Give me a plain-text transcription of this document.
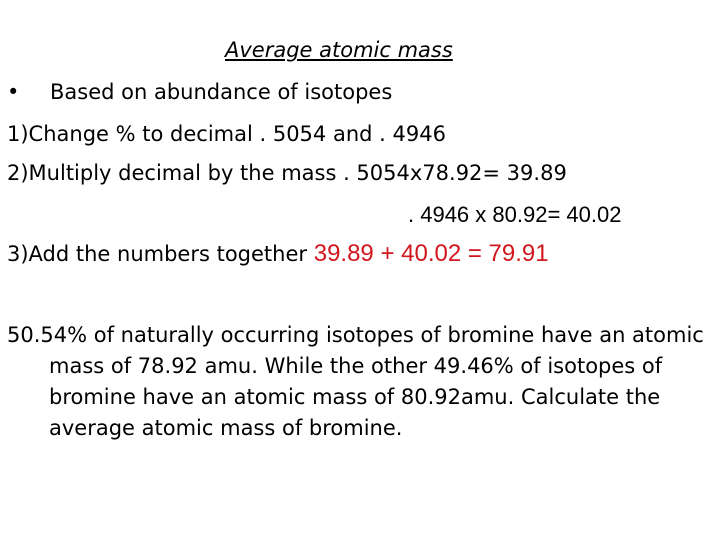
Average atomic mass
• Based on abundance of isotopes
1)Change % to decimal . 5054 and . 4946
2)Multiply decimal by the mass . 5054x78.92= 39.89
. 4946 x 80.92= 40.02
3)Add the numbers together 39.89 + 40.02 = 79.91
50.54% of naturally occurring isotopes of bromine have an atomic mass of 78.92 amu. While the other 49.46% of isotopes of bromine have an atomic mass of 80.92amu. Calculate the average atomic mass of bromine.
